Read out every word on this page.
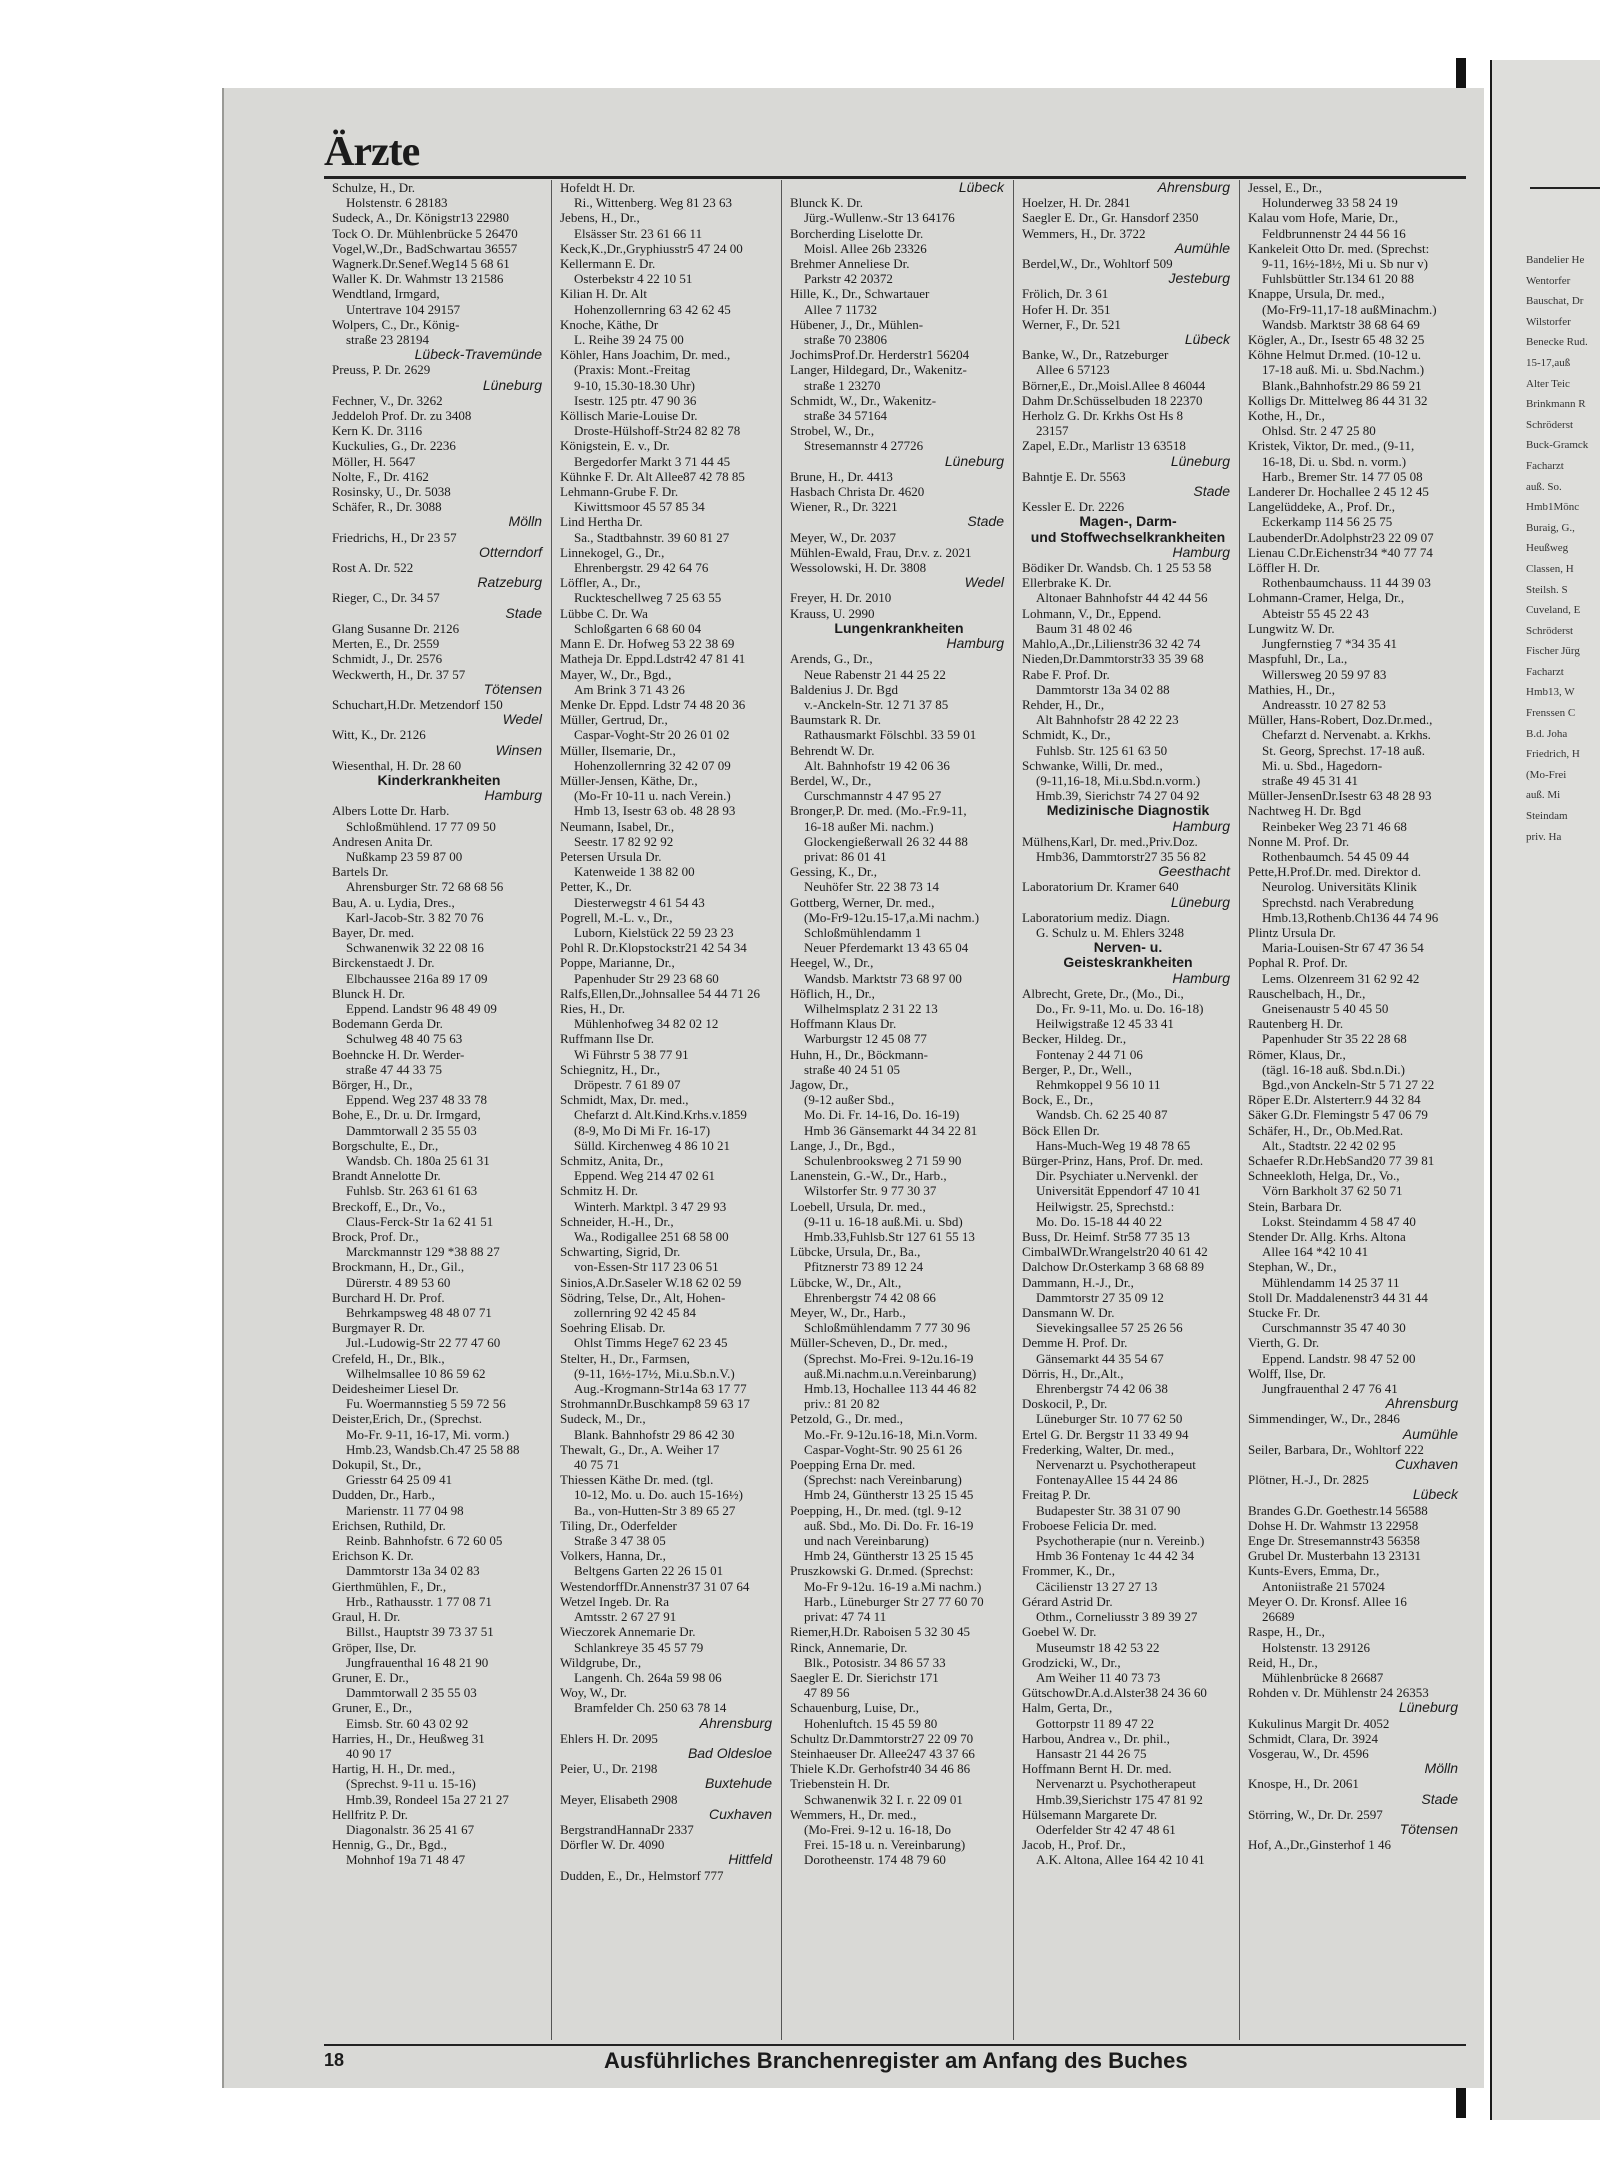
Bandelier He
Wentorfer
Bauschat, Dr
Wilstorfer
Benecke Rud.
15-17,auß
Alter Teic
Brinkmann R
Schröderst
Buck-Gramck
Facharzt
auß. So.
Hmb1Mönc
Buraig, G.,
Heußweg
Classen, H
Steilsh. S
Cuveland, E
Schröderst
Fischer Jürg
Facharzt
Hmb13, W
Frenssen C
B.d. Joha
Friedrich, H
(Mo-Frei
auß. Mi
Steindam
priv. Ha
Ärzte
Schulze, H., Dr.
Holstenstr. 6 28183
Sudeck, A., Dr. Königstr13 22980
Tock O. Dr. Mühlenbrücke 5 26470
Vogel,W.,Dr., BadSchwartau 36557
Wagnerk.Dr.Senef.Weg14 5 68 61
Waller K. Dr. Wahmstr 13 21586
Wendtland, Irmgard,
Untertrave 104 29157
Wolpers, C., Dr., König-
straße 23 28194
Lübeck-Travemünde
Preuss, P. Dr. 2629
Lüneburg
Fechner, V., Dr. 3262
Jeddeloh Prof. Dr. zu 3408
Kern K. Dr. 3116
Kuckulies, G., Dr. 2236
Möller, H. 5647
Nolte, F., Dr. 4162
Rosinsky, U., Dr. 5038
Schäfer, R., Dr. 3088
Mölln
Friedrichs, H., Dr 23 57
Otterndorf
Rost A. Dr. 522
Ratzeburg
Rieger, C., Dr. 34 57
Stade
Glang Susanne Dr. 2126
Merten, E., Dr. 2559
Schmidt, J., Dr. 2576
Weckwerth, H., Dr. 37 57
Tötensen
Schuchart,H.Dr. Metzendorf 150
Wedel
Witt, K., Dr. 2126
Winsen
Wiesenthal, H. Dr. 28 60
Kinderkrankheiten
Hamburg
Albers Lotte Dr. Harb.
Schloßmühlend. 17 77 09 50
Andresen Anita Dr.
Nußkamp 23 59 87 00
Bartels Dr.
Ahrensburger Str. 72 68 68 56
Bau, A. u. Lydia, Dres.,
Karl-Jacob-Str. 3 82 70 76
Bayer, Dr. med.
Schwanenwik 32 22 08 16
Birckenstaedt J. Dr.
Elbchaussee 216a 89 17 09
Blunck H. Dr.
Eppend. Landstr 96 48 49 09
Bodemann Gerda Dr.
Schulweg 48 40 75 63
Boehncke H. Dr. Werder-
straße 47 44 33 75
Börger, H., Dr.,
Eppend. Weg 237 48 33 78
Bohe, E., Dr. u. Dr. Irmgard,
Dammtorwall 2 35 55 03
Borgschulte, E., Dr.,
Wandsb. Ch. 180a 25 61 31
Brandt Annelotte Dr.
Fuhlsb. Str. 263 61 61 63
Breckoff, E., Dr., Vo.,
Claus-Ferck-Str 1a 62 41 51
Brock, Prof. Dr.,
Marckmannstr 129 *38 88 27
Brockmann, H., Dr., Gil.,
Dürerstr. 4 89 53 60
Burchard H. Dr. Prof.
Behrkampsweg 48 48 07 71
Burgmayer R. Dr.
Jul.-Ludowig-Str 22 77 47 60
Crefeld, H., Dr., Blk.,
Wilhelmsallee 10 86 59 62
Deidesheimer Liesel Dr.
Fu. Woermannstieg 5 59 72 56
Deister,Erich, Dr., (Sprechst.
Mo-Fr. 9-11, 16-17, Mi. vorm.)
Hmb.23, Wandsb.Ch.47 25 58 88
Dokupil, St., Dr.,
Griesstr 64 25 09 41
Dudden, Dr., Harb.,
Marienstr. 11 77 04 98
Erichsen, Ruthild, Dr.
Reinb. Bahnhofstr. 6 72 60 05
Erichson K. Dr.
Dammtorstr 13a 34 02 83
Gierthmühlen, F., Dr.,
Hrb., Rathausstr. 1 77 08 71
Graul, H. Dr.
Billst., Hauptstr 39 73 37 51
Gröper, Ilse, Dr.
Jungfrauenthal 16 48 21 90
Gruner, E. Dr.,
Dammtorwall 2 35 55 03
Gruner, E., Dr.,
Eimsb. Str. 60 43 02 92
Harries, H., Dr., Heußweg 31
40 90 17
Hartig, H. H., Dr. med.,
(Sprechst. 9-11 u. 15-16)
Hmb.39, Rondeel 15a 27 21 27
Hellfritz P. Dr.
Diagonalstr. 36 25 41 67
Hennig, G., Dr., Bgd.,
Mohnhof 19a 71 48 47
Hofeldt H. Dr.
Ri., Wittenberg. Weg 81 23 63
Jebens, H., Dr.,
Elsässer Str. 23 61 66 11
Keck,K.,Dr.,Gryphiusstr5 47 24 00
Kellermann E. Dr.
Osterbekstr 4 22 10 51
Kilian H. Dr. Alt
Hohenzollernring 63 42 62 45
Knoche, Käthe, Dr
L. Reihe 39 24 75 00
Köhler, Hans Joachim, Dr. med.,
(Praxis: Mont.-Freitag
9-10, 15.30-18.30 Uhr)
Isestr. 125 ptr. 47 90 36
Köllisch Marie-Louise Dr.
Droste-Hülshoff-Str24 82 82 78
Königstein, E. v., Dr.
Bergedorfer Markt 3 71 44 45
Kühnke F. Dr. Alt Allee87 42 78 85
Lehmann-Grube F. Dr.
Kiwittsmoor 45 57 85 34
Lind Hertha Dr.
Sa., Stadtbahnstr. 39 60 81 27
Linnekogel, G., Dr.,
Ehrenbergstr. 29 42 64 76
Löffler, A., Dr.,
Ruckteschellweg 7 25 63 55
Lübbe C. Dr. Wa
Schloßgarten 6 68 60 04
Mann E. Dr. Hofweg 53 22 38 69
Matheja Dr. Eppd.Ldstr42 47 81 41
Mayer, W., Dr., Bgd.,
Am Brink 3 71 43 26
Menke Dr. Eppd. Ldstr 74 48 20 36
Müller, Gertrud, Dr.,
Caspar-Voght-Str 20 26 01 02
Müller, Ilsemarie, Dr.,
Hohenzollernring 32 42 07 09
Müller-Jensen, Käthe, Dr.,
(Mo-Fr 10-11 u. nach Verein.)
Hmb 13, Isestr 63 ob. 48 28 93
Neumann, Isabel, Dr.,
Seestr. 17 82 92 92
Petersen Ursula Dr.
Katenweide 1 38 82 00
Petter, K., Dr.
Diesterwegstr 4 61 54 43
Pogrell, M.-L. v., Dr.,
Luborn, Kielstück 22 59 23 23
Pohl R. Dr.Klopstockstr21 42 54 34
Poppe, Marianne, Dr.,
Papenhuder Str 29 23 68 60
Ralfs,Ellen,Dr.,Johnsallee 54 44 71 26
Ries, H., Dr.
Mühlenhofweg 34 82 02 12
Ruffmann Ilse Dr.
Wi Führstr 5 38 77 91
Schiegnitz, H., Dr.,
Dröpestr. 7 61 89 07
Schmidt, Max, Dr. med.,
Chefarzt d. Alt.Kind.Krhs.v.1859
(8-9, Mo Di Mi Fr. 16-17)
Sülld. Kirchenweg 4 86 10 21
Schmitz, Anita, Dr.,
Eppend. Weg 214 47 02 61
Schmitz H. Dr.
Winterh. Marktpl. 3 47 29 93
Schneider, H.-H., Dr.,
Wa., Rodigallee 251 68 58 00
Schwarting, Sigrid, Dr.
von-Essen-Str 117 23 06 51
Sinios,A.Dr.Saseler W.18 62 02 59
Södring, Telse, Dr., Alt, Hohen-
zollernring 92 42 45 84
Soehring Elisab. Dr.
Ohlst Timms Hege7 62 23 45
Stelter, H., Dr., Farmsen,
(9-11, 16½-17½, Mi.u.Sb.n.V.)
Aug.-Krogmann-Str14a 63 17 77
StrohmannDr.Buschkamp8 59 63 17
Sudeck, M., Dr.,
Blank. Bahnhofstr 29 86 42 30
Thewalt, G., Dr., A. Weiher 17
40 75 71
Thiessen Käthe Dr. med. (tgl.
10-12, Mo. u. Do. auch 15-16½)
Ba., von-Hutten-Str 3 89 65 27
Tiling, Dr., Oderfelder
Straße 3 47 38 05
Volkers, Hanna, Dr.,
Beltgens Garten 22 26 15 01
WestendorffDr.Annenstr37 31 07 64
Wetzel Ingeb. Dr. Ra
Amtsstr. 2 67 27 91
Wieczorek Annemarie Dr.
Schlankreye 35 45 57 79
Wildgrube, Dr.,
Langenh. Ch. 264a 59 98 06
Woy, W., Dr.
Bramfelder Ch. 250 63 78 14
Ahrensburg
Ehlers H. Dr. 2095
Bad Oldesloe
Peier, U., Dr. 2198
Buxtehude
Meyer, Elisabeth 2908
Cuxhaven
BergstrandHannaDr 2337
Dörfler W. Dr. 4090
Hittfeld
Dudden, E., Dr., Helmstorf 777
Lübeck
Blunck K. Dr.
Jürg.-Wullenw.-Str 13 64176
Borcherding Liselotte Dr.
Moisl. Allee 26b 23326
Brehmer Anneliese Dr.
Parkstr 42 20372
Hille, K., Dr., Schwartauer
Allee 7 11732
Hübener, J., Dr., Mühlen-
straße 70 23806
JochimsProf.Dr. Herderstr1 56204
Langer, Hildegard, Dr., Wakenitz-
straße 1 23270
Schmidt, W., Dr., Wakenitz-
straße 34 57164
Strobel, W., Dr.,
Stresemannstr 4 27726
Lüneburg
Brune, H., Dr. 4413
Hasbach Christa Dr. 4620
Wiener, R., Dr. 3221
Stade
Meyer, W., Dr. 2037
Mühlen-Ewald, Frau, Dr.v. z. 2021
Wessolowski, H. Dr. 3808
Wedel
Freyer, H. Dr. 2010
Krauss, U. 2990
Lungenkrankheiten
Hamburg
Arends, G., Dr.,
Neue Rabenstr 21 44 25 22
Baldenius J. Dr. Bgd
v.-Anckeln-Str. 12 71 37 85
Baumstark R. Dr.
Rathausmarkt Fölschbl. 33 59 01
Behrendt W. Dr.
Alt. Bahnhofstr 19 42 06 36
Berdel, W., Dr.,
Curschmannstr 4 47 95 27
Bronger,P. Dr. med. (Mo.-Fr.9-11,
16-18 außer Mi. nachm.)
Glockengießerwall 26 32 44 88
privat: 86 01 41
Gessing, K., Dr.,
Neuhöfer Str. 22 38 73 14
Gottberg, Werner, Dr. med.,
(Mo-Fr9-12u.15-17,a.Mi nachm.)
Schloßmühlendamm 1
Neuer Pferdemarkt 13 43 65 04
Heegel, W., Dr.,
Wandsb. Marktstr 73 68 97 00
Höflich, H., Dr.,
Wilhelmsplatz 2 31 22 13
Hoffmann Klaus Dr.
Warburgstr 12 45 08 77
Huhn, H., Dr., Böckmann-
straße 40 24 51 05
Jagow, Dr.,
(9-12 außer Sbd.,
Mo. Di. Fr. 14-16, Do. 16-19)
Hmb 36 Gänsemarkt 44 34 22 81
Lange, J., Dr., Bgd.,
Schulenbrooksweg 2 71 59 90
Lanenstein, G.-W., Dr., Harb.,
Wilstorfer Str. 9 77 30 37
Loebell, Ursula, Dr. med.,
(9-11 u. 16-18 auß.Mi. u. Sbd)
Hmb.33,Fuhlsb.Str 127 61 55 13
Lübcke, Ursula, Dr., Ba.,
Pfitznerstr 73 89 12 24
Lübcke, W., Dr., Alt.,
Ehrenbergstr 74 42 08 66
Meyer, W., Dr., Harb.,
Schloßmühlendamm 7 77 30 96
Müller-Scheven, D., Dr. med.,
(Sprechst. Mo-Frei. 9-12u.16-19
auß.Mi.nachm.u.n.Vereinbarung)
Hmb.13, Hochallee 113 44 46 82
priv.: 81 20 82
Petzold, G., Dr. med.,
Mo.-Fr. 9-12u.16-18, Mi.n.Vorm.
Caspar-Voght-Str. 90 25 61 26
Poepping Erna Dr. med.
(Sprechst: nach Vereinbarung)
Hmb 24, Güntherstr 13 25 15 45
Poepping, H., Dr. med. (tgl. 9-12
auß. Sbd., Mo. Di. Do. Fr. 16-19
und nach Vereinbarung)
Hmb 24, Güntherstr 13 25 15 45
Pruszkowski G. Dr.med. (Sprechst:
Mo-Fr 9-12u. 16-19 a.Mi nachm.)
Harb., Lüneburger Str 27 77 60 70
privat: 47 74 11
Riemer,H.Dr. Raboisen 5 32 30 45
Rinck, Annemarie, Dr.
Blk., Potosistr. 34 86 57 33
Saegler E. Dr. Sierichstr 171
47 89 56
Schauenburg, Luise, Dr.,
Hohenluftch. 15 45 59 80
Schultz Dr.Dammtorstr27 22 09 70
Steinhaeuser Dr. Allee247 43 37 66
Thiele K.Dr. Gerhofstr40 34 46 86
Triebenstein H. Dr.
Schwanenwik 32 I. r. 22 09 01
Wemmers, H., Dr. med.,
(Mo-Frei. 9-12 u. 16-18, Do
Frei. 15-18 u. n. Vereinbarung)
Dorotheenstr. 174 48 79 60
Ahrensburg
Hoelzer, H. Dr. 2841
Saegler E. Dr., Gr. Hansdorf 2350
Wemmers, H., Dr. 3722
Aumühle
Berdel,W., Dr., Wohltorf 509
Jesteburg
Frölich, Dr. 3 61
Hofer H. Dr. 351
Werner, F., Dr. 521
Lübeck
Banke, W., Dr., Ratzeburger
Allee 6 57123
Börner,E., Dr.,Moisl.Allee 8 46044
Dahm Dr.Schüsselbuden 18 22370
Herholz G. Dr. Krkhs Ost Hs 8
23157
Zapel, E.Dr., Marlistr 13 63518
Lüneburg
Bahntje E. Dr. 5563
Stade
Kessler E. Dr. 2226
Magen-, Darm-
und Stoffwechselkrankheiten
Hamburg
Bödiker Dr. Wandsb. Ch. 1 25 53 58
Ellerbrake K. Dr.
Altonaer Bahnhofstr 44 42 44 56
Lohmann, V., Dr., Eppend.
Baum 31 48 02 46
Mahlo,A.,Dr.,Lilienstr36 32 42 74
Nieden,Dr.Dammtorstr33 35 39 68
Rabe F. Prof. Dr.
Dammtorstr 13a 34 02 88
Rehder, H., Dr.,
Alt Bahnhofstr 28 42 22 23
Schmidt, K., Dr.,
Fuhlsb. Str. 125 61 63 50
Schwanke, Willi, Dr. med.,
(9-11,16-18, Mi.u.Sbd.n.vorm.)
Hmb.39, Sierichstr 74 27 04 92
Medizinische Diagnostik
Hamburg
Mülhens,Karl, Dr. med.,Priv.Doz.
Hmb36, Dammtorstr27 35 56 82
Geesthacht
Laboratorium Dr. Kramer 640
Lüneburg
Laboratorium mediz. Diagn.
G. Schulz u. M. Ehlers 3248
Nerven- u.
Geisteskrankheiten
Hamburg
Albrecht, Grete, Dr., (Mo., Di.,
Do., Fr. 9-11, Mo. u. Do. 16-18)
Heilwigstraße 12 45 33 41
Becker, Hildeg. Dr.,
Fontenay 2 44 71 06
Berger, P., Dr., Well.,
Rehmkoppel 9 56 10 11
Bock, E., Dr.,
Wandsb. Ch. 62 25 40 87
Böck Ellen Dr.
Hans-Much-Weg 19 48 78 65
Bürger-Prinz, Hans, Prof. Dr. med.
Dir. Psychiater u.Nervenkl. der
Universität Eppendorf 47 10 41
Heilwigstr. 25, Sprechstd.:
Mo. Do. 15-18 44 40 22
Buss, Dr. Heimf. Str58 77 35 13
CimbalWDr.Wrangelstr20 40 61 42
Dalchow Dr.Osterkamp 3 68 68 89
Dammann, H.-J., Dr.,
Dammtorstr 27 35 09 12
Dansmann W. Dr.
Sievekingsallee 57 25 26 56
Demme H. Prof. Dr.
Gänsemarkt 44 35 54 67
Dörris, H., Dr.,Alt.,
Ehrenbergstr 74 42 06 38
Doskocil, P., Dr.
Lüneburger Str. 10 77 62 50
Ertel G. Dr. Bergstr 11 33 49 94
Frederking, Walter, Dr. med.,
Nervenarzt u. Psychotherapeut
FontenayAllee 15 44 24 86
Freitag P. Dr.
Budapester Str. 38 31 07 90
Froboese Felicia Dr. med.
Psychotherapie (nur n. Vereinb.)
Hmb 36 Fontenay 1c 44 42 34
Frommer, K., Dr.,
Cäcilienstr 13 27 27 13
Gérard Astrid Dr.
Othm., Corneliusstr 3 89 39 27
Goebel W. Dr.
Museumstr 18 42 53 22
Grodzicki, W., Dr.,
Am Weiher 11 40 73 73
GütschowDr.A.d.Alster38 24 36 60
Halm, Gerta, Dr.,
Gottorpstr 11 89 47 22
Harbou, Andrea v., Dr. phil.,
Hansastr 21 44 26 75
Hoffmann Bernt H. Dr. med.
Nervenarzt u. Psychotherapeut
Hmb.39,Sierichstr 175 47 81 92
Hülsemann Margarete Dr.
Oderfelder Str 42 47 48 61
Jacob, H., Prof. Dr.,
A.K. Altona, Allee 164 42 10 41
Jessel, E., Dr.,
Holunderweg 33 58 24 19
Kalau vom Hofe, Marie, Dr.,
Feldbrunnenstr 24 44 56 16
Kankeleit Otto Dr. med. (Sprechst:
9-11, 16½-18½, Mi u. Sb nur v)
Fuhlsbüttler Str.134 61 20 88
Knappe, Ursula, Dr. med.,
(Mo-Fr9-11,17-18 außMinachm.)
Wandsb. Marktstr 38 68 64 69
Kögler, A., Dr., Isestr 65 48 32 25
Köhne Helmut Dr.med. (10-12 u.
17-18 auß. Mi. u. Sbd.Nachm.)
Blank.,Bahnhofstr.29 86 59 21
Kolligs Dr. Mittelweg 86 44 31 32
Kothe, H., Dr.,
Ohlsd. Str. 2 47 25 80
Kristek, Viktor, Dr. med., (9-11,
16-18, Di. u. Sbd. n. vorm.)
Harb., Bremer Str. 14 77 05 08
Landerer Dr. Hochallee 2 45 12 45
Langelüddeke, A., Prof. Dr.,
Eckerkamp 114 56 25 75
LaubenderDr.Adolphstr23 22 09 07
Lienau C.Dr.Eichenstr34 *40 77 74
Löffler H. Dr.
Rothenbaumchauss. 11 44 39 03
Lohmann-Cramer, Helga, Dr.,
Abteistr 55 45 22 43
Lungwitz W. Dr.
Jungfernstieg 7 *34 35 41
Maspfuhl, Dr., La.,
Willersweg 20 59 97 83
Mathies, H., Dr.,
Andreasstr. 10 27 82 53
Müller, Hans-Robert, Doz.Dr.med.,
Chefarzt d. Nervenabt. a. Krkhs.
St. Georg, Sprechst. 17-18 auß.
Mi. u. Sbd., Hagedorn-
straße 49 45 31 41
Müller-JensenDr.Isestr 63 48 28 93
Nachtweg H. Dr. Bgd
Reinbeker Weg 23 71 46 68
Nonne M. Prof. Dr.
Rothenbaumch. 54 45 09 44
Pette,H.Prof.Dr. med. Direktor d.
Neurolog. Universitäts Klinik
Sprechstd. nach Verabredung
Hmb.13,Rothenb.Ch136 44 74 96
Plintz Ursula Dr.
Maria-Louisen-Str 67 47 36 54
Pophal R. Prof. Dr.
Lems. Olzenreem 31 62 92 42
Rauschelbach, H., Dr.,
Gneisenaustr 5 40 45 50
Rautenberg H. Dr.
Papenhuder Str 35 22 28 68
Römer, Klaus, Dr.,
(tägl. 16-18 auß. Sbd.n.Di.)
Bgd.,von Anckeln-Str 5 71 27 22
Röper E.Dr. Alsterterr.9 44 32 84
Säker G.Dr. Flemingstr 5 47 06 79
Schäfer, H., Dr., Ob.Med.Rat.
Alt., Stadtstr. 22 42 02 95
Schaefer R.Dr.HebSand20 77 39 81
Schneekloth, Helga, Dr., Vo.,
Vörn Barkholt 37 62 50 71
Stein, Barbara Dr.
Lokst. Steindamm 4 58 47 40
Stender Dr. Allg. Krhs. Altona
Allee 164 *42 10 41
Stephan, W., Dr.,
Mühlendamm 14 25 37 11
Stoll Dr. Maddalenenstr3 44 31 44
Stucke Fr. Dr.
Curschmannstr 35 47 40 30
Vierth, G. Dr.
Eppend. Landstr. 98 47 52 00
Wolff, Ilse, Dr.
Jungfrauenthal 2 47 76 41
Ahrensburg
Simmendinger, W., Dr., 2846
Aumühle
Seiler, Barbara, Dr., Wohltorf 222
Cuxhaven
Plötner, H.-J., Dr. 2825
Lübeck
Brandes G.Dr. Goethestr.14 56588
Dohse H. Dr. Wahmstr 13 22958
Enge Dr. Stresemannstr43 56358
Grubel Dr. Musterbahn 13 23131
Kunts-Evers, Emma, Dr.,
Antoniistraße 21 57024
Meyer O. Dr. Kronsf. Allee 16
26689
Raspe, H., Dr.,
Holstenstr. 13 29126
Reid, H., Dr.,
Mühlenbrücke 8 26687
Rohden v. Dr. Mühlenstr 24 26353
Lüneburg
Kukulinus Margit Dr. 4052
Schmidt, Clara, Dr. 3924
Vosgerau, W., Dr. 4596
Mölln
Knospe, H., Dr. 2061
Stade
Störring, W., Dr. Dr. 2597
Tötensen
Hof, A.,Dr.,Ginsterhof 1 46
18	Ausführliches Branchenregister am Anfang des Buches
